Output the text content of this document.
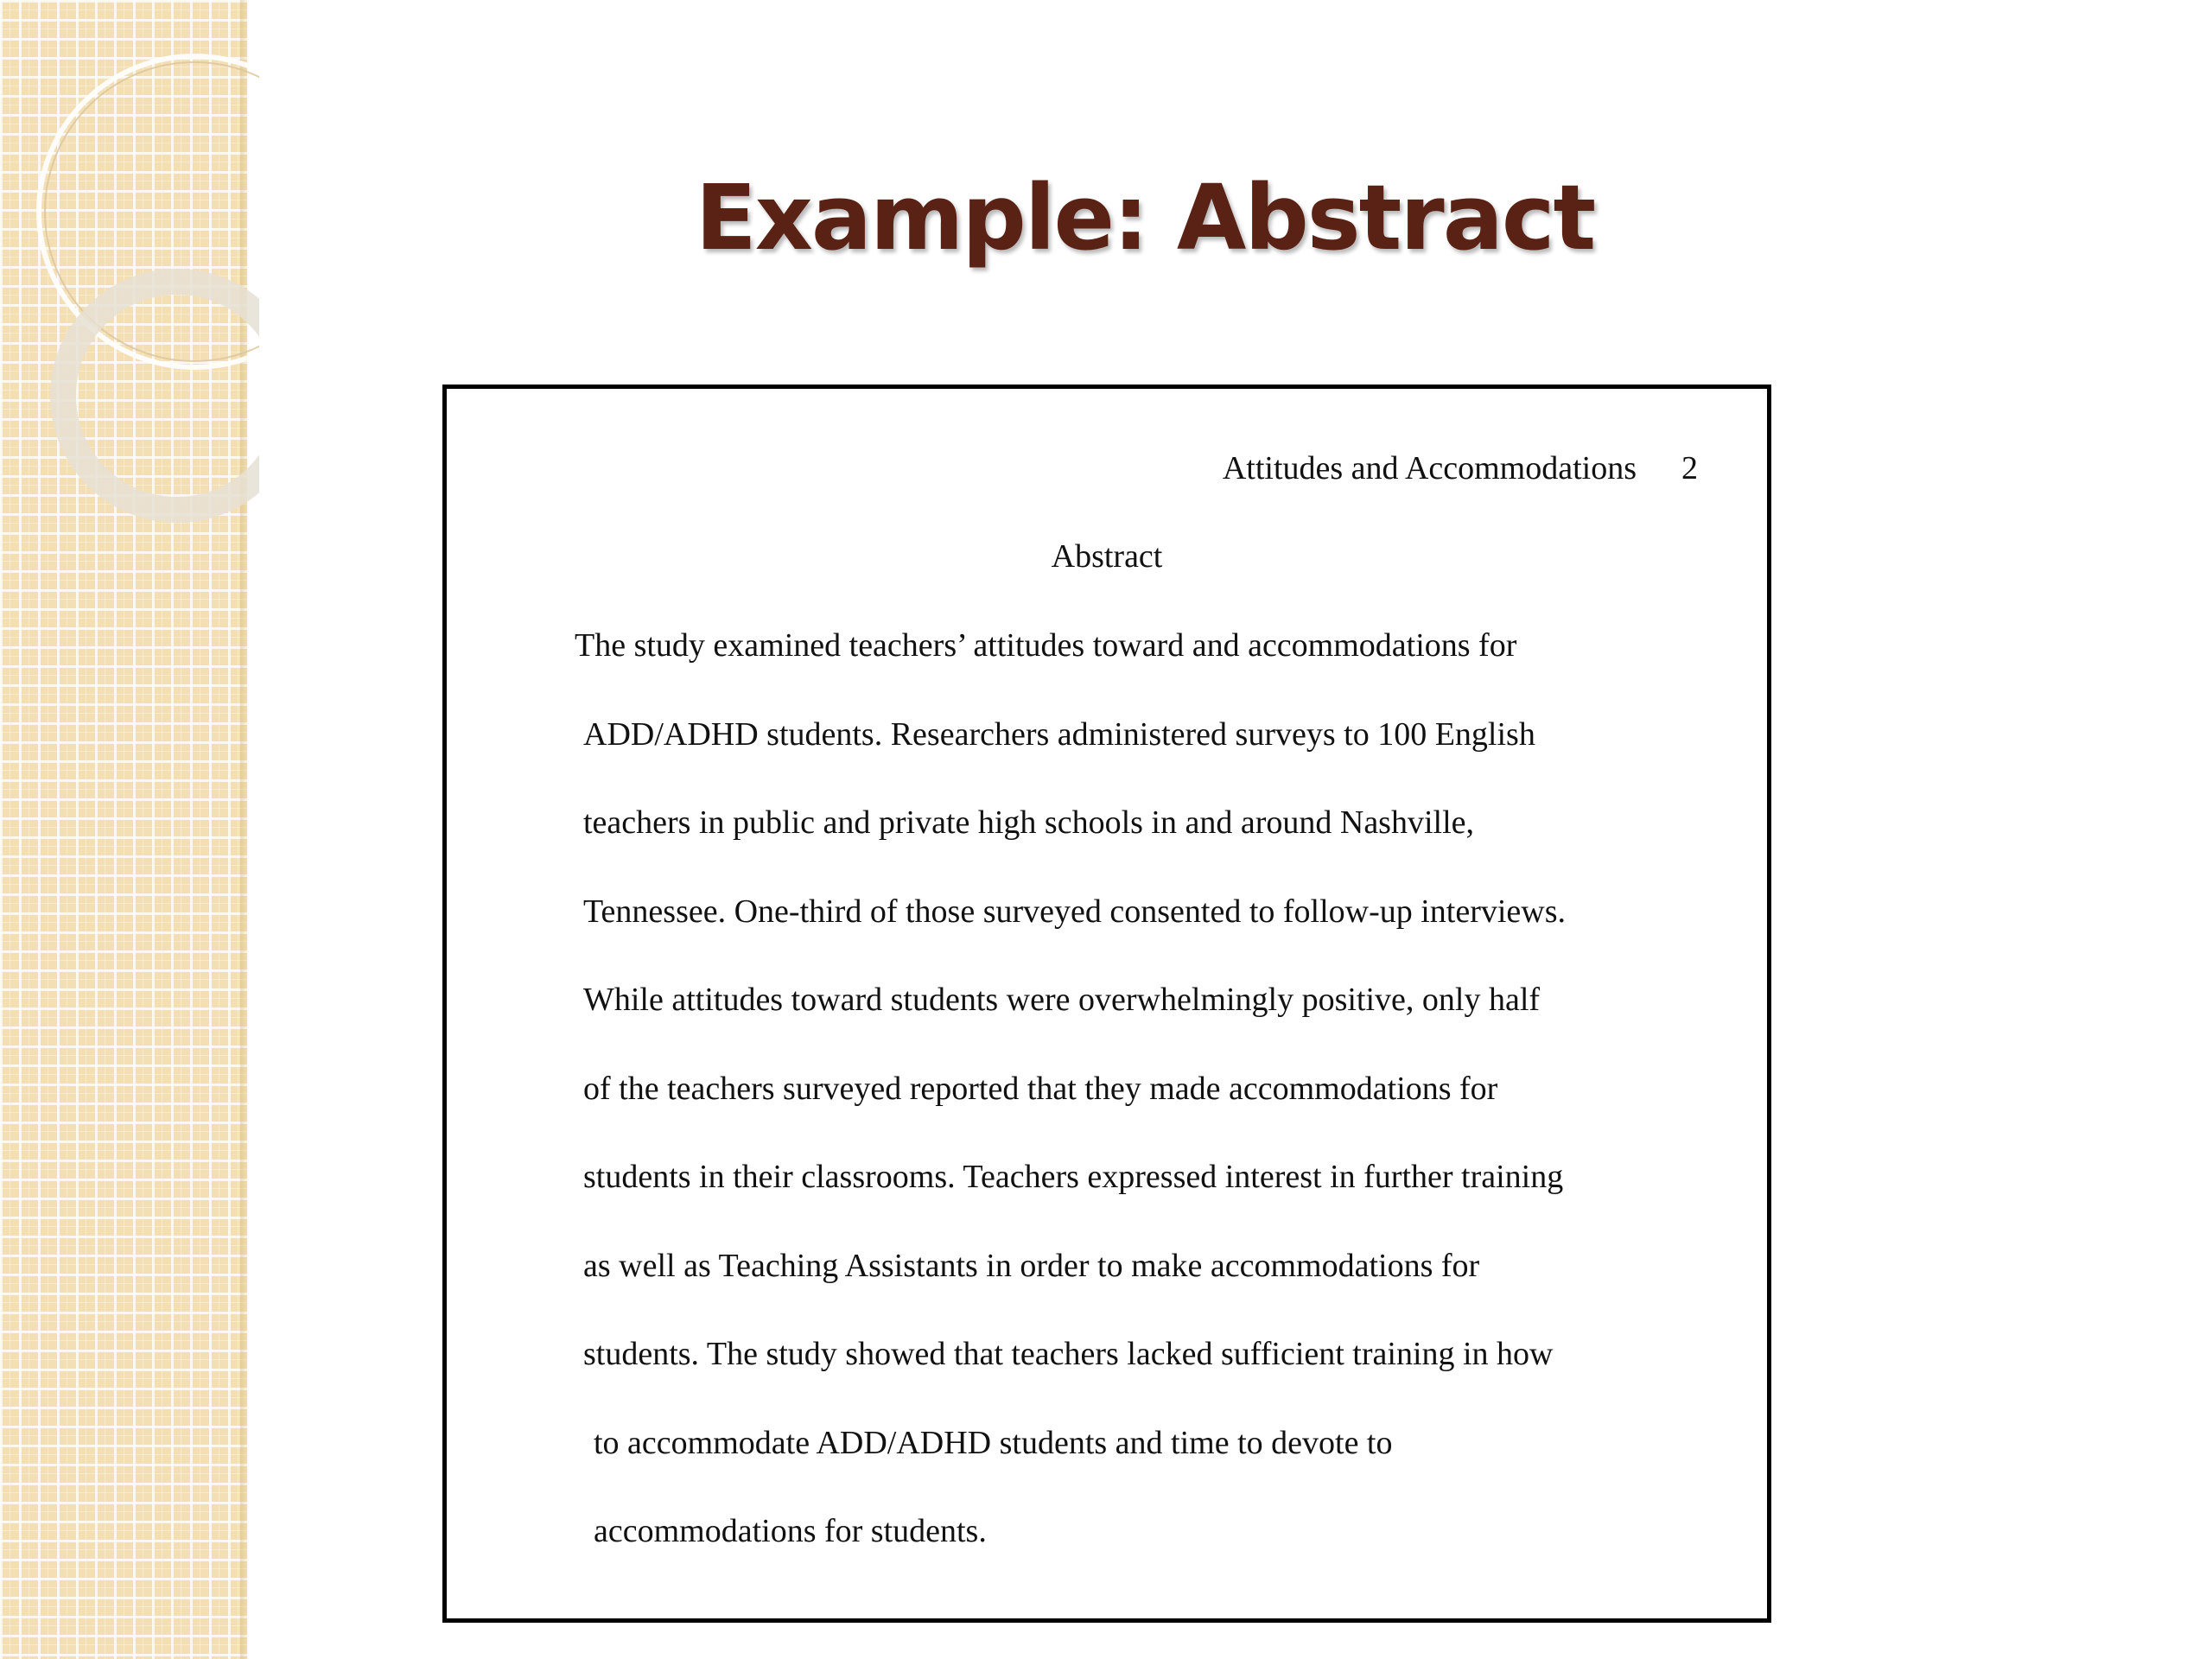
Example: Abstract
Attitudes and Accommodations 2
Abstract
The study examined teachers’ attitudes toward and accommodations for
ADD/ADHD students. Researchers administered surveys to 100 English
teachers in public and private high schools in and around Nashville,
Tennessee. One-third of those surveyed consented to follow-up interviews.
While attitudes toward students were overwhelmingly positive, only half
of the teachers surveyed reported that they made accommodations for
students in their classrooms. Teachers expressed interest in further training
as well as Teaching Assistants in order to make accommodations for
students. The study showed that teachers lacked sufficient training in how
to accommodate ADD/ADHD students and time to devote to
accommodations for students.
